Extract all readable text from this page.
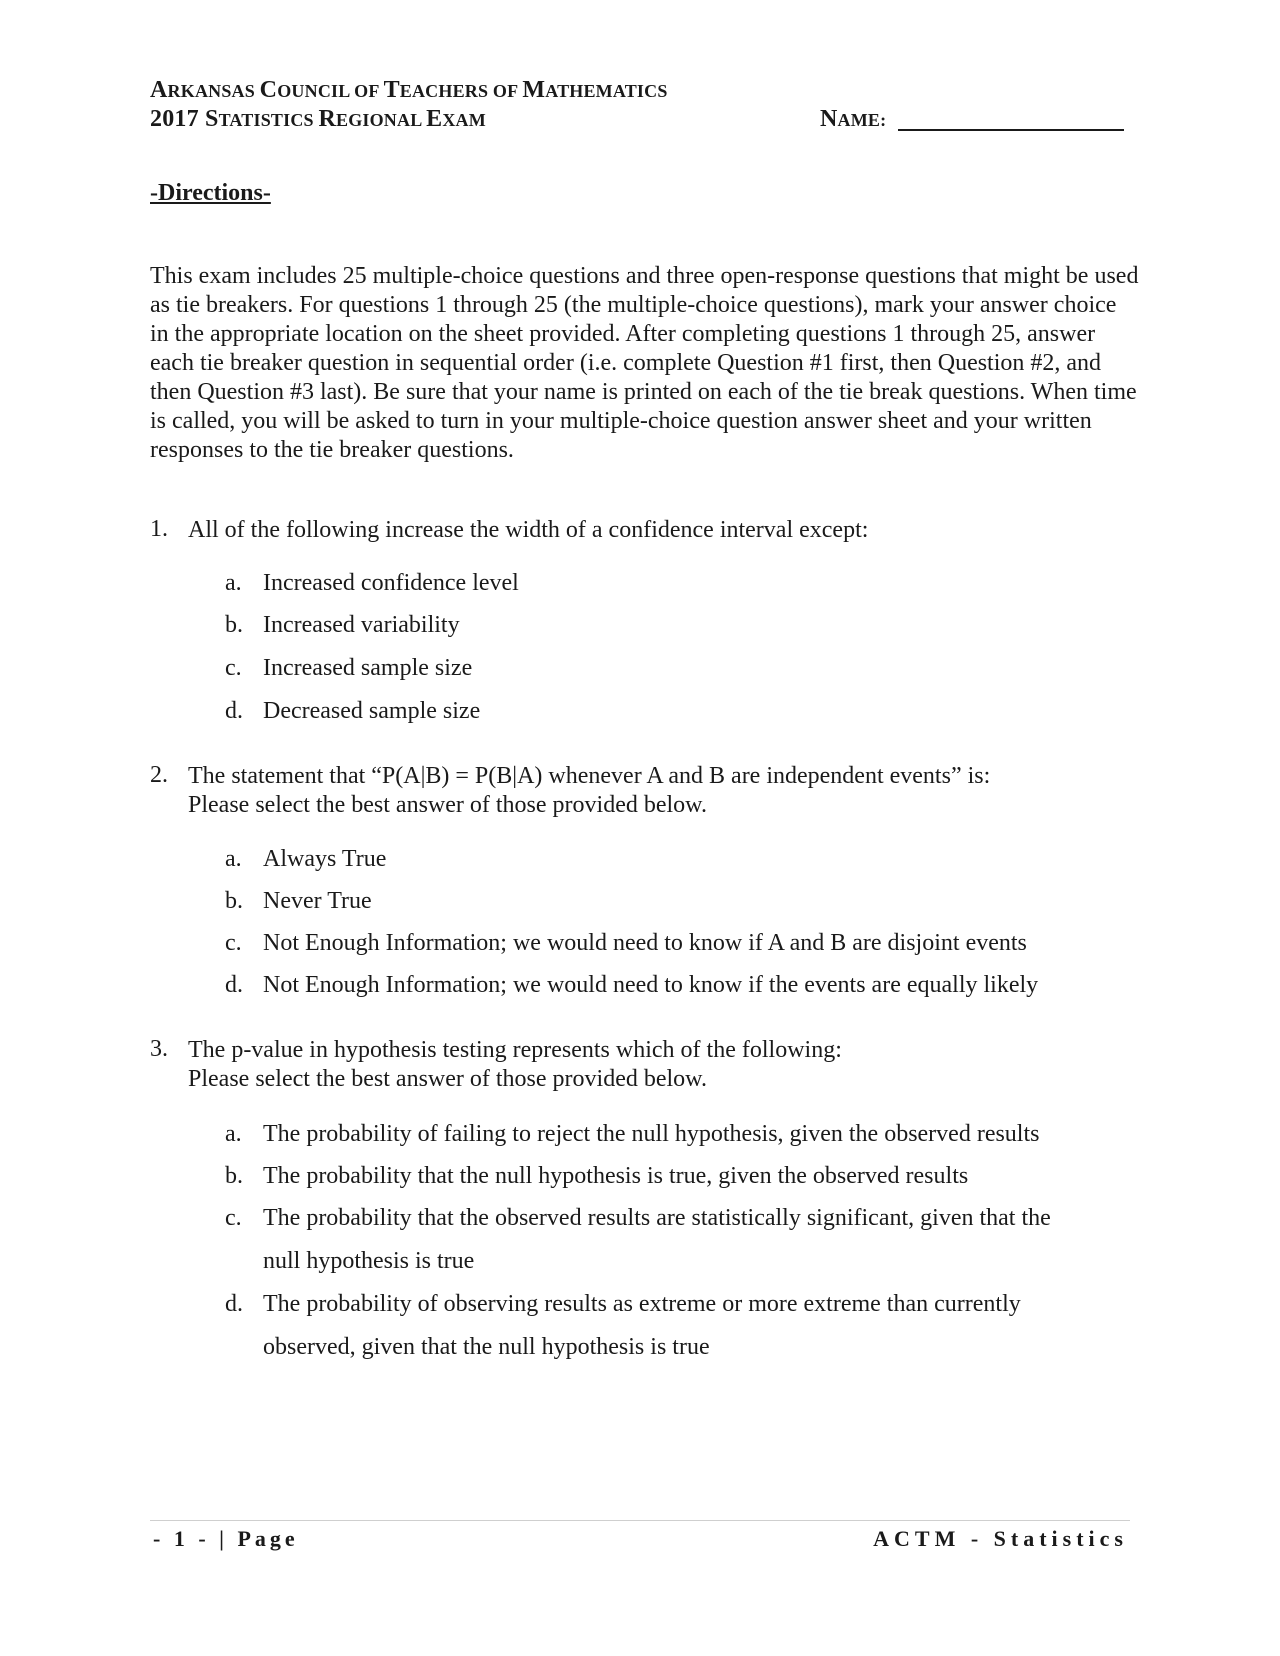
ARKANSAS COUNCIL OF TEACHERS OF MATHEMATICS
2017 STATISTICS REGIONAL EXAM	NAME:
-Directions-

This exam includes 25 multiple-choice questions and three open-response questions that might be used as tie breakers. For questions 1 through 25 (the multiple-choice questions), mark your answer choice in the appropriate location on the sheet provided. After completing questions 1 through 25, answer each tie breaker question in sequential order (i.e. complete Question #1 first, then Question #2, and then Question #3 last). Be sure that your name is printed on each of the tie break questions. When time is called, you will be asked to turn in your multiple-choice question answer sheet and your written responses to the tie breaker questions.

1. All of the following increase the width of a confidence interval except:
a. Increased confidence level
b. Increased variability
c. Increased sample size
d. Decreased sample size
2. The statement that “P(A|B) = P(B|A) whenever A and B are independent events” is:
Please select the best answer of those provided below.
a. Always True
b. Never True
c. Not Enough Information; we would need to know if A and B are disjoint events
d. Not Enough Information; we would need to know if the events are equally likely
3. The p-value in hypothesis testing represents which of the following:
Please select the best answer of those provided below.
a. The probability of failing to reject the null hypothesis, given the observed results
b. The probability that the null hypothesis is true, given the observed results
c. The probability that the observed results are statistically significant, given that the
null hypothesis is true
d. The probability of observing results as extreme or more extreme than currently
observed, given that the null hypothesis is true
- 1 - | Page	ACTM - Statistics
